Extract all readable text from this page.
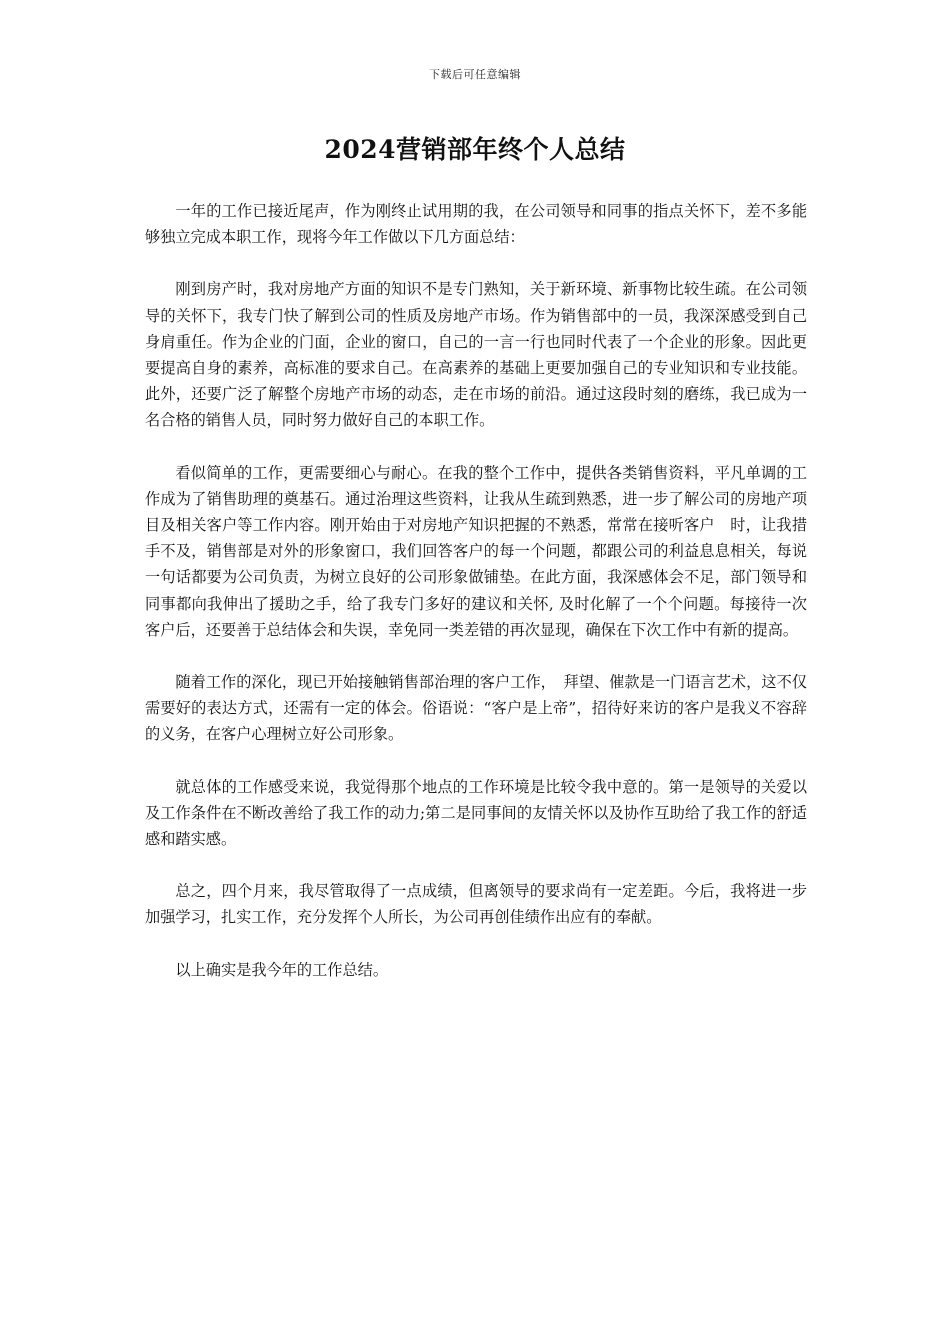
下载后可任意编辑
2024营销部年终个人总结

一年的工作已接近尾声，作为刚终止试用期的我，在公司领导和同事的指点关怀下，差不多能够独立完成本职工作，现将今年工作做以下几方面总结：

刚到房产时，我对房地产方面的知识不是专门熟知，关于新环境、新事物比较生疏。在公司领导的关怀下，我专门快了解到公司的性质及房地产市场。作为销售部中的一员，我深深感受到自己身肩重任。作为企业的门面，企业的窗口，自己的一言一行也同时代表了一个企业的形象。因此更要提高自身的素养，高标准的要求自己。在高素养的基础上更要加强自己的专业知识和专业技能。此外，还要广泛了解整个房地产市场的动态，走在市场的前沿。通过这段时刻的磨练，我已成为一名合格的销售人员，同时努力做好自己的本职工作。

看似简单的工作，更需要细心与耐心。在我的整个工作中，提供各类销售资料，平凡单调的工作成为了销售助理的奠基石。通过治理这些资料，让我从生疏到熟悉，进一步了解公司的房地产项目及相关客户等工作内容。刚开始由于对房地产知识把握的不熟悉，常常在接听客户　时，让我措手不及，销售部是对外的形象窗口，我们回答客户的每一个问题，都跟公司的利益息息相关，每说一句话都要为公司负责，为树立良好的公司形象做铺垫。在此方面，我深感体会不足，部门领导和同事都向我伸出了援助之手，给了我专门多好的建议和关怀, 及时化解了一个个问题。每接待一次客户后，还要善于总结体会和失误，幸免同一类差错的再次显现，确保在下次工作中有新的提高。

随着工作的深化，现已开始接触销售部治理的客户工作，　拜望、催款是一门语言艺术，这不仅需要好的表达方式，还需有一定的体会。俗语说：“客户是上帝”，招待好来访的客户是我义不容辞的义务，在客户心理树立好公司形象。

就总体的工作感受来说，我觉得那个地点的工作环境是比较令我中意的。第一是领导的关爱以及工作条件在不断改善给了我工作的动力;第二是同事间的友情关怀以及协作互助给了我工作的舒适感和踏实感。

总之，四个月来，我尽管取得了一点成绩，但离领导的要求尚有一定差距。今后，我将进一步加强学习，扎实工作，充分发挥个人所长，为公司再创佳绩作出应有的奉献。

以上确实是我今年的工作总结。
